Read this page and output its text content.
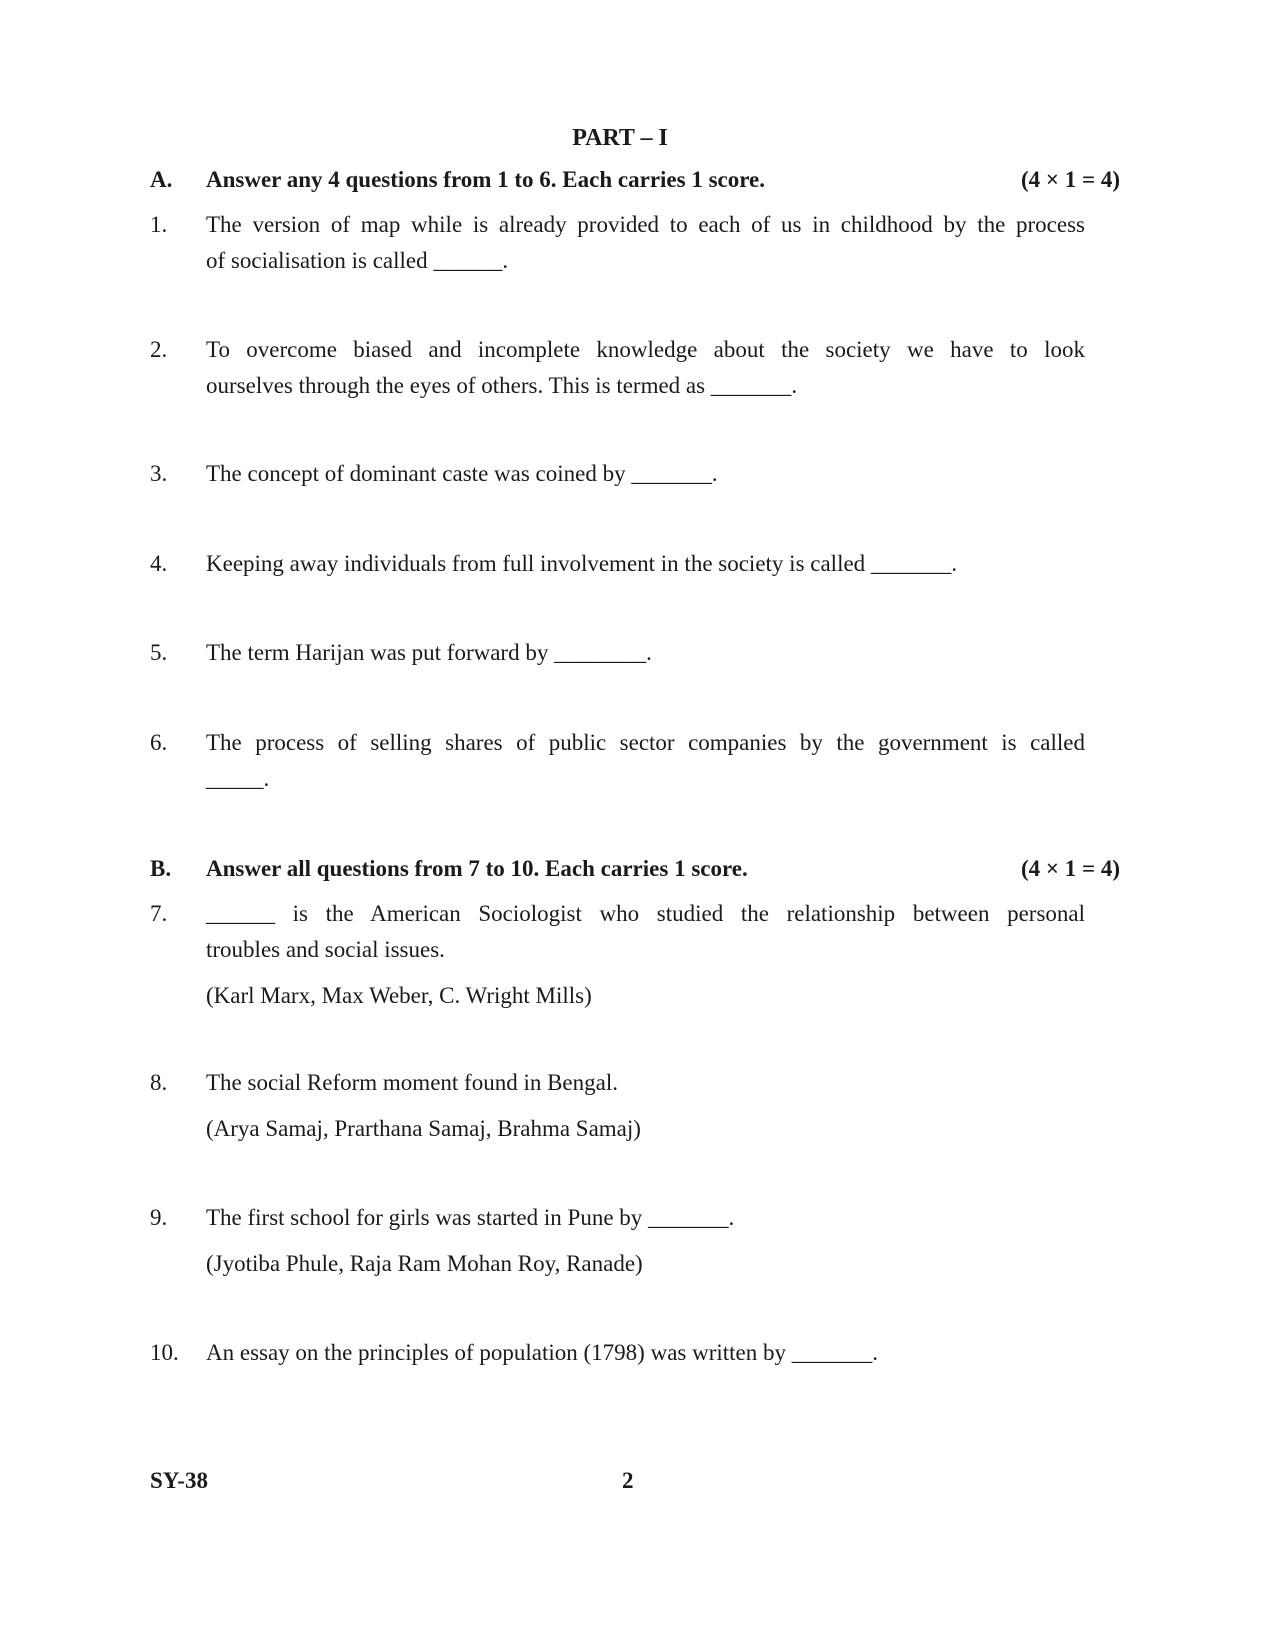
PART – I
A. Answer any 4 questions from 1 to 6. Each carries 1 score.	(4 × 1 = 4)
1. The version of map while is already provided to each of us in childhood by the process
of socialisation is called ______.
2. To overcome biased and incomplete knowledge about the society we have to look
ourselves through the eyes of others. This is termed as _______.
3. The concept of dominant caste was coined by _______.
4. Keeping away individuals from full involvement in the society is called _______.
5. The term Harijan was put forward by ________.
6. The process of selling shares of public sector companies by the government is called
_____.
B. Answer all questions from 7 to 10. Each carries 1 score.	(4 × 1 = 4)
7. ______ is the American Sociologist who studied the relationship between personal
troubles and social issues.
(Karl Marx, Max Weber, C. Wright Mills)
8. The social Reform moment found in Bengal.
(Arya Samaj, Prarthana Samaj, Brahma Samaj)
9. The first school for girls was started in Pune by _______.
(Jyotiba Phule, Raja Ram Mohan Roy, Ranade)
10. An essay on the principles of population (1798) was written by _______.
SY-38	2
